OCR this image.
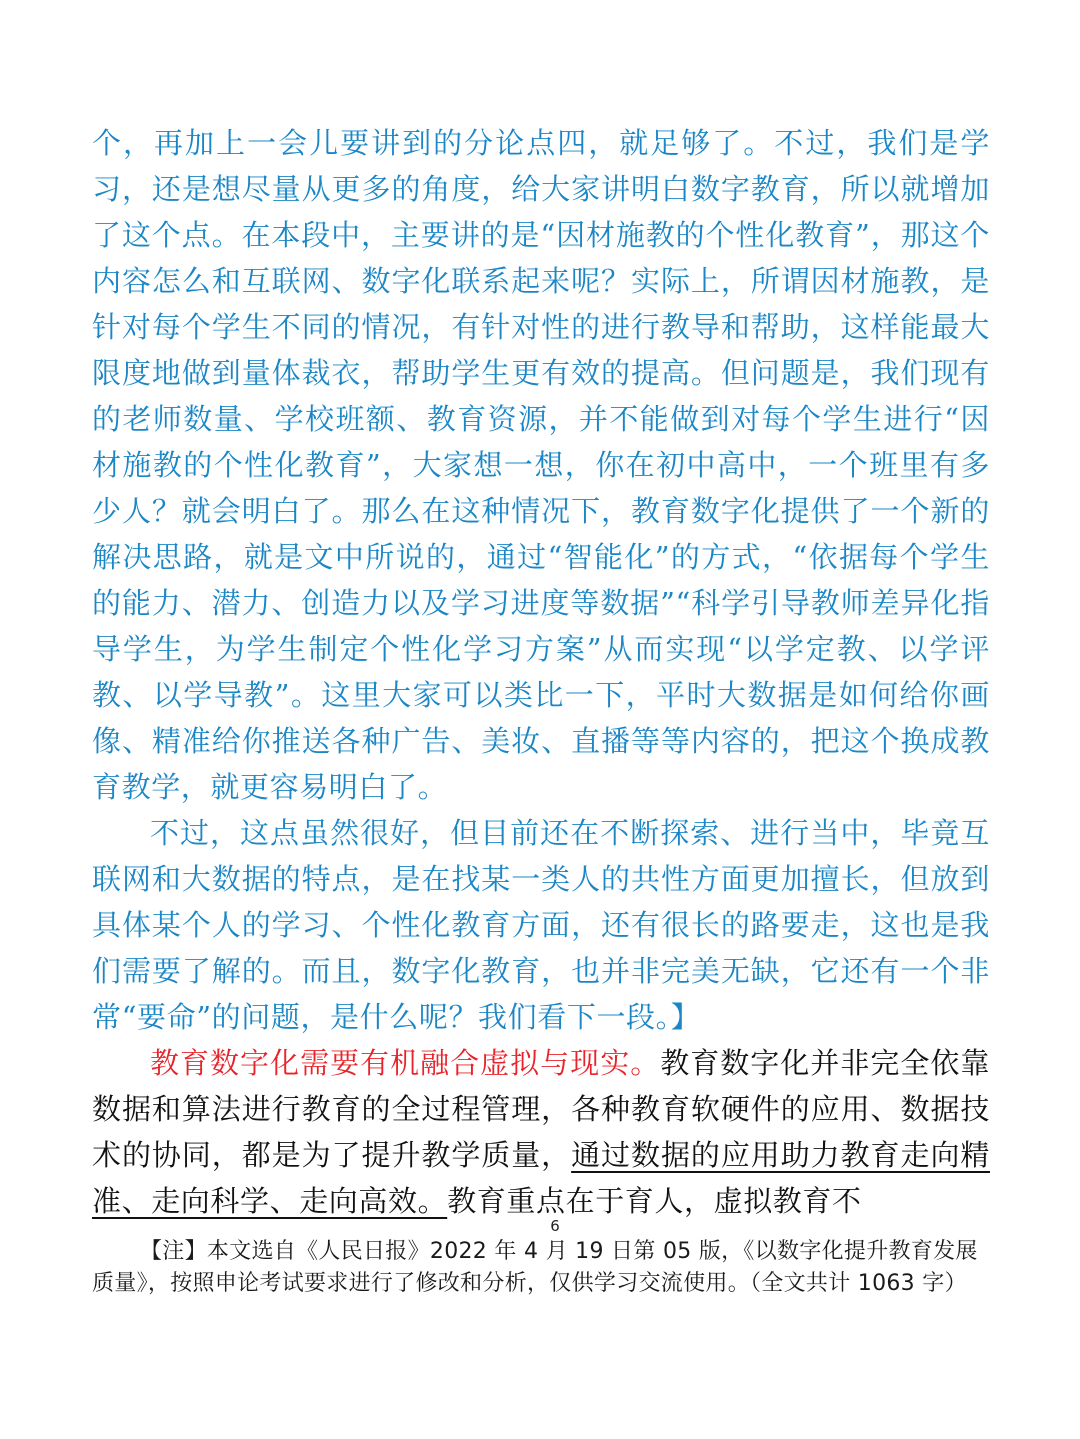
个，再加上一会儿要讲到的分论点四，就足够了。不过，我们是学习，还是想尽量从更多的角度，给大家讲明白数字教育，所以就增加了这个点。在本段中，主要讲的是“因材施教的个性化教育”，那这个内容怎么和互联网、数字化联系起来呢？实际上，所谓因材施教，是针对每个学生不同的情况，有针对性的进行教导和帮助，这样能最大限度地做到量体裁衣，帮助学生更有效的提高。但问题是，我们现有的老师数量、学校班额、教育资源，并不能做到对每个学生进行“因材施教的个性化教育”，大家想一想，你在初中高中，一个班里有多少人？就会明白了。那么在这种情况下，教育数字化提供了一个新的解决思路，就是文中所说的，通过“智能化”的方式，“依据每个学生的能力、潜力、创造力以及学习进度等数据”“科学引导教师差异化指导学生，为学生制定个性化学习方案”从而实现“以学定教、以学评教、以学导教”。这里大家可以类比一下，平时大数据是如何给你画像、精准给你推送各种广告、美妆、直播等等内容的，把这个换成教育教学，就更容易明白了。

不过，这点虽然很好，但目前还在不断探索、进行当中，毕竟互联网和大数据的特点，是在找某一类人的共性方面更加擅长，但放到具体某个人的学习、个性化教育方面，还有很长的路要走，这也是我们需要了解的。而且，数字化教育，也并非完美无缺，它还有一个非常“要命”的问题，是什么呢？我们看下一段。】

教育数字化需要有机融合虚拟与现实。教育数字化并非完全依靠数据和算法进行教育的全过程管理，各种教育软硬件的应用、数据技术的协同，都是为了提升教学质量，通过数据的应用助力教育走向精准、走向科学、走向高效。教育重点在于育人，虚拟教育不

6
【注】本文选自《人民日报》2022 年 4 月 19 日第 05 版，《以数字化提升教育发展质量》，按照申论考试要求进行了修改和分析，仅供学习交流使用。（全文共计 1063 字）
